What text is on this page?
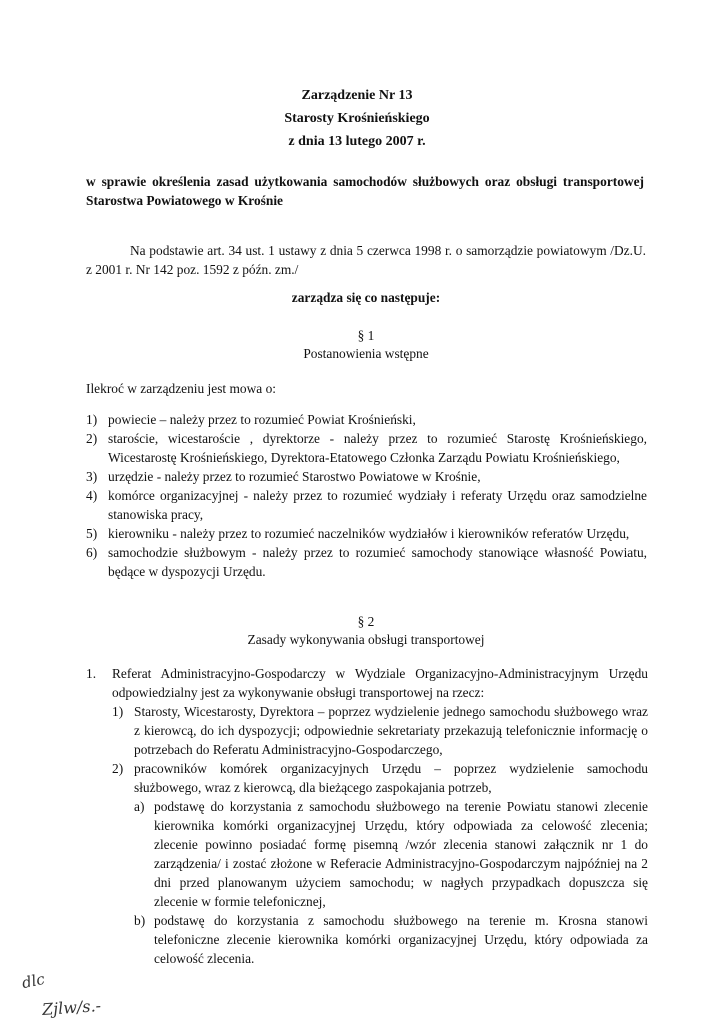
Zarządzenie Nr 13
Starosty Krośnieńskiego
z dnia 13 lutego 2007 r.
w sprawie określenia zasad użytkowania samochodów służbowych oraz obsługi transportowej Starostwa Powiatowego w Krośnie
Na podstawie art. 34 ust. 1 ustawy z dnia 5 czerwca 1998 r. o samorządzie powiatowym /Dz.U. z 2001 r. Nr 142 poz. 1592 z późn. zm./
zarządza się co następuje:
§ 1
Postanowienia wstępne
Ilekroć w zarządzeniu jest mowa o:
1) powiecie – należy przez to rozumieć Powiat Krośnieński,
2) staroście, wicestaroście , dyrektorze - należy przez to rozumieć Starostę Krośnieńskiego, Wicestarostę Krośnieńskiego, Dyrektora-Etatowego Członka Zarządu Powiatu Krośnieńskiego,
3) urzędzie - należy przez to rozumieć Starostwo Powiatowe w Krośnie,
4) komórce organizacyjnej - należy przez to rozumieć wydziały i referaty Urzędu oraz samodzielne stanowiska pracy,
5) kierowniku - należy przez to rozumieć naczelników wydziałów i kierowników referatów Urzędu,
6) samochodzie służbowym - należy przez to rozumieć samochody stanowiące własność Powiatu, będące w dyspozycji Urzędu.
§ 2
Zasady wykonywania obsługi transportowej
1. Referat Administracyjno-Gospodarczy w Wydziale Organizacyjno-Administracyjnym Urzędu odpowiedzialny jest za wykonywanie obsługi transportowej na rzecz:
1) Starosty, Wicestarosty, Dyrektora – poprzez wydzielenie jednego samochodu służbowego wraz z kierowcą, do ich dyspozycji; odpowiednie sekretariaty przekazują telefonicznie informację o potrzebach do Referatu Administracyjno-Gospodarczego,
2) pracowników komórek organizacyjnych Urzędu – poprzez wydzielenie samochodu służbowego, wraz z kierowcą, dla bieżącego zaspokajania potrzeb,
a) podstawę do korzystania z samochodu służbowego na terenie Powiatu stanowi zlecenie kierownika komórki organizacyjnej Urzędu, który odpowiada za celowość zlecenia; zlecenie powinno posiadać formę pisemną /wzór zlecenia stanowi załącznik nr 1 do zarządzenia/ i zostać złożone w Referacie Administracyjno-Gospodarczym najpóźniej na 2 dni przed planowanym użyciem samochodu; w nagłych przypadkach dopuszcza się zlecenie w formie telefonicznej,
b) podstawę do korzystania z samochodu służbowego na terenie m. Krosna stanowi telefoniczne zlecenie kierownika komórki organizacyjnej Urzędu, który odpowiada za celowość zlecenia.
dlc
Zjlw/s.-
